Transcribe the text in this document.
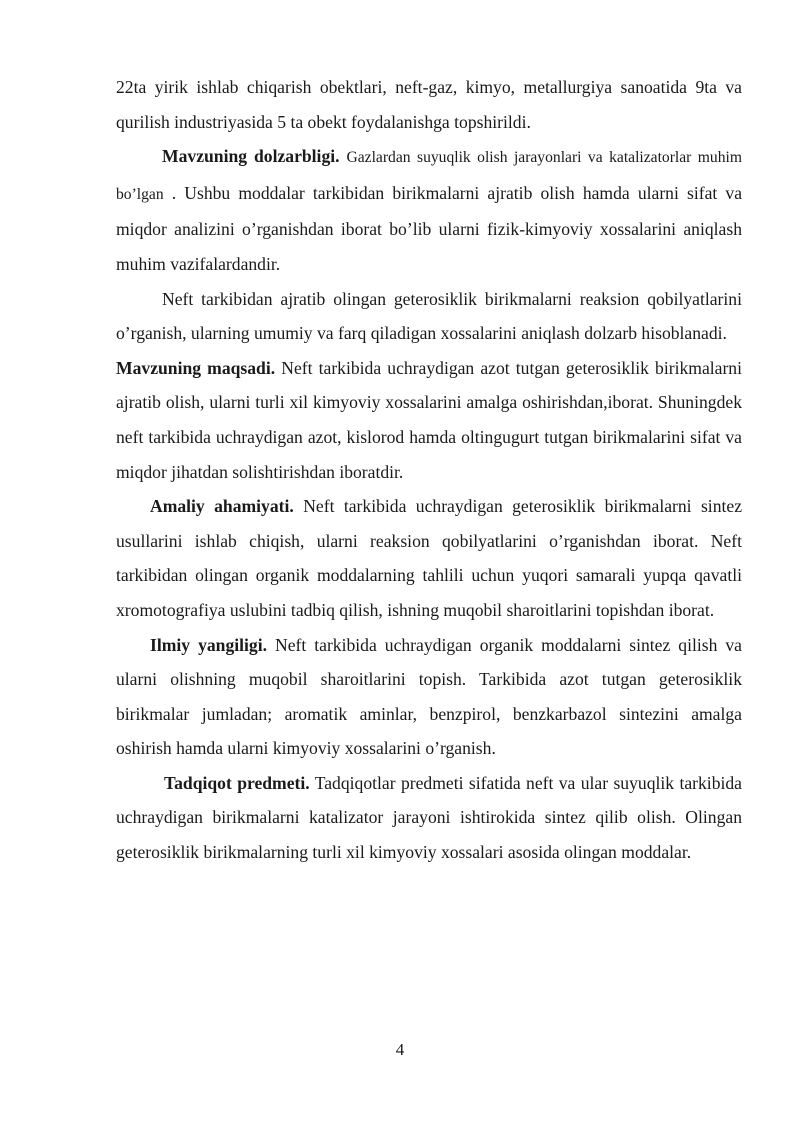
22ta yirik ishlab chiqarish obektlari, neft-gaz, kimyo, metallurgiya sanoatida 9ta va qurilish industriyasida 5 ta obekt foydalanishga topshirildi.

Mavzuning dolzarbligi. Gazlardan suyuqlik olish jarayonlari va katalizatorlar muhim bo’lgan . Ushbu moddalar tarkibidan birikmalarni ajratib olish hamda ularni sifat va miqdor analizini o’rganishdan iborat bo’lib ularni fizik-kimyoviy xossalarini aniqlash muhim vazifalardandir.

Neft tarkibidan ajratib olingan geterosiklik birikmalarni reaksion qobilyatlarini o’rganish, ularning umumiy va farq qiladigan xossalarini aniqlash dolzarb hisoblanadi.

Mavzuning maqsadi. Neft tarkibida uchraydigan azot tutgan geterosiklik birikmalarni ajratib olish, ularni turli xil kimyoviy xossalarini amalga oshirishdan,iborat. Shuningdek neft tarkibida uchraydigan azot, kislorod hamda oltingugurt tutgan birikmalarini sifat va miqdor jihatdan solishtirishdan iboratdir.

Amaliy ahamiyati. Neft tarkibida uchraydigan geterosiklik birikmalarni sintez usullarini ishlab chiqish, ularni reaksion qobilyatlarini o’rganishdan iborat. Neft tarkibidan olingan organik moddalarning tahlili uchun yuqori samarali yupqa qavatli xromotografiya uslubini tadbiq qilish, ishning muqobil sharoitlarini topishdan iborat.

Ilmiy yangiligi. Neft tarkibida uchraydigan organik moddalarni sintez qilish va ularni olishning muqobil sharoitlarini topish. Tarkibida azot tutgan geterosiklik birikmalar jumladan; aromatik aminlar, benzpirol, benzkarbazol sintezini amalga oshirish hamda ularni kimyoviy xossalarini o’rganish.

Tadqiqot predmeti. Tadqiqotlar predmeti sifatida neft va ular suyuqlik tarkibida uchraydigan birikmalarni katalizator jarayoni ishtirokida sintez qilib olish. Olingan geterosiklik birikmalarning turli xil kimyoviy xossalari asosida olingan moddalar.

4
